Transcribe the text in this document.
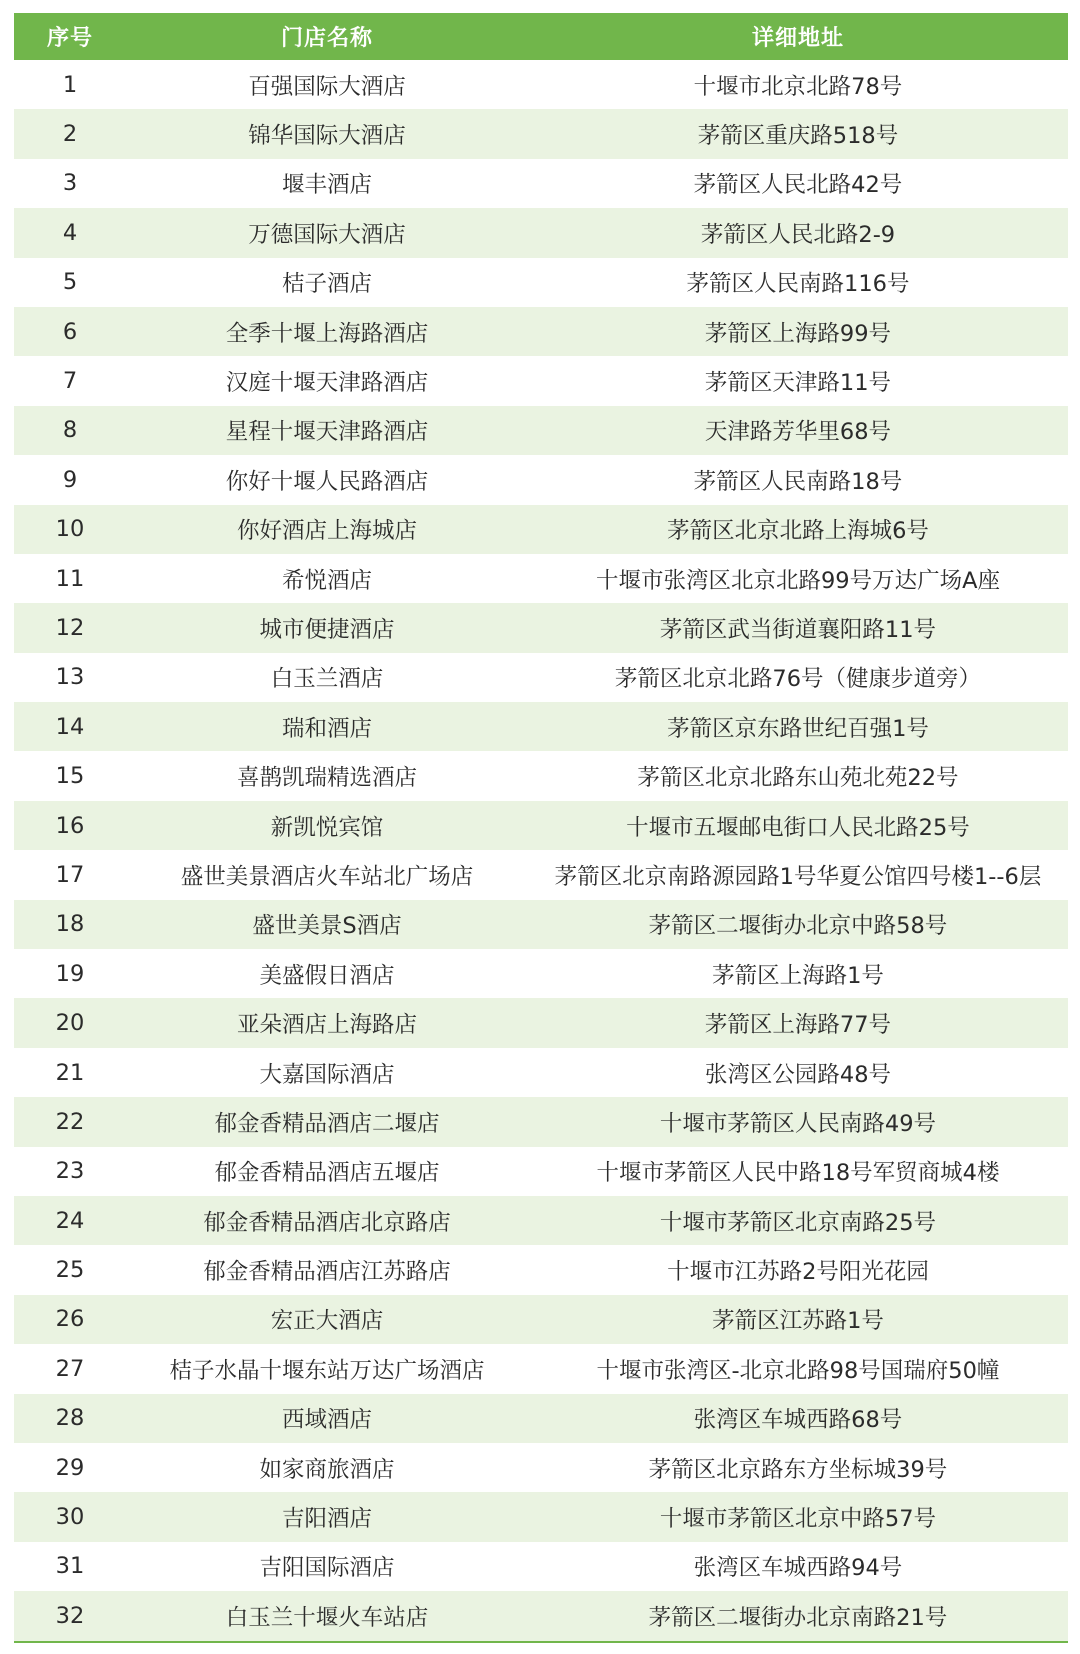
序号	门店名称	详细地址
1	百强国际大酒店	十堰市北京北路78号
2	锦华国际大酒店	茅箭区重庆路518号
3	堰丰酒店	茅箭区人民北路42号
4	万德国际大酒店	茅箭区人民北路2-9
5	桔子酒店	茅箭区人民南路116号
6	全季十堰上海路酒店	茅箭区上海路99号
7	汉庭十堰天津路酒店	茅箭区天津路11号
8	星程十堰天津路酒店	天津路芳华里68号
9	你好十堰人民路酒店	茅箭区人民南路18号
10	你好酒店上海城店	茅箭区北京北路上海城6号
11	希悦酒店	十堰市张湾区北京北路99号万达广场A座
12	城市便捷酒店	茅箭区武当街道襄阳路11号
13	白玉兰酒店	茅箭区北京北路76号（健康步道旁）
14	瑞和酒店	茅箭区京东路世纪百强1号
15	喜鹊凯瑞精选酒店	茅箭区北京北路东山苑北苑22号
16	新凯悦宾馆	十堰市五堰邮电街口人民北路25号
17	盛世美景酒店火车站北广场店	茅箭区北京南路源园路1号华夏公馆四号楼1--6层
18	盛世美景S酒店	茅箭区二堰街办北京中路58号
19	美盛假日酒店	茅箭区上海路1号
20	亚朵酒店上海路店	茅箭区上海路77号
21	大嘉国际酒店	张湾区公园路48号
22	郁金香精品酒店二堰店	十堰市茅箭区人民南路49号
23	郁金香精品酒店五堰店	十堰市茅箭区人民中路18号军贸商城4楼
24	郁金香精品酒店北京路店	十堰市茅箭区北京南路25号
25	郁金香精品酒店江苏路店	十堰市江苏路2号阳光花园
26	宏正大酒店	茅箭区江苏路1号
27	桔子水晶十堰东站万达广场酒店	十堰市张湾区-北京北路98号国瑞府50幢
28	西域酒店	张湾区车城西路68号
29	如家商旅酒店	茅箭区北京路东方坐标城39号
30	吉阳酒店	十堰市茅箭区北京中路57号
31	吉阳国际酒店	张湾区车城西路94号
32	白玉兰十堰火车站店	茅箭区二堰街办北京南路21号
